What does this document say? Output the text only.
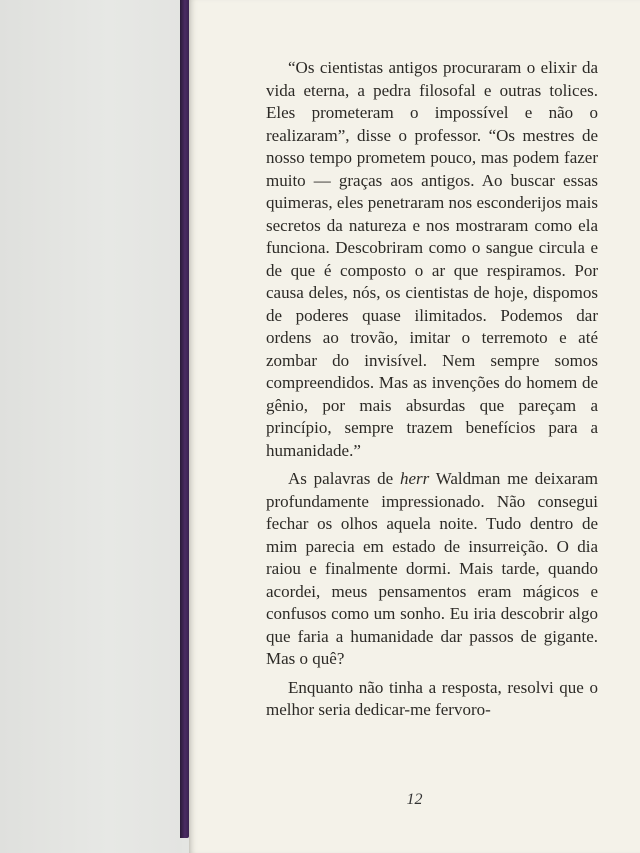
“Os cientistas antigos procuraram o elixir da vida eterna, a pedra filosofal e outras tolices. Eles prometeram o impossível e não o realizaram”, disse o professor. “Os mestres de nosso tempo prometem pouco, mas podem fazer muito — graças aos antigos. Ao buscar essas quimeras, eles penetraram nos esconderijos mais secretos da natureza e nos mostraram como ela funciona. Descobriram como o sangue circula e de que é composto o ar que respiramos. Por causa deles, nós, os cientistas de hoje, dispomos de poderes quase ilimitados. Podemos dar ordens ao trovão, imitar o terremoto e até zombar do invisível. Nem sempre somos compreendidos. Mas as invenções do homem de gênio, por mais absurdas que pareçam a princípio, sempre trazem benefícios para a humanidade.”

As palavras de herr Waldman me deixaram profundamente impressionado. Não consegui fechar os olhos aquela noite. Tudo dentro de mim parecia em estado de insurreição. O dia raiou e finalmente dormi. Mais tarde, quando acordei, meus pensamentos eram mágicos e confusos como um sonho. Eu iria descobrir algo que faria a humanidade dar passos de gigante. Mas o quê?

Enquanto não tinha a resposta, resolvi que o melhor seria dedicar-me fervoro-

12
